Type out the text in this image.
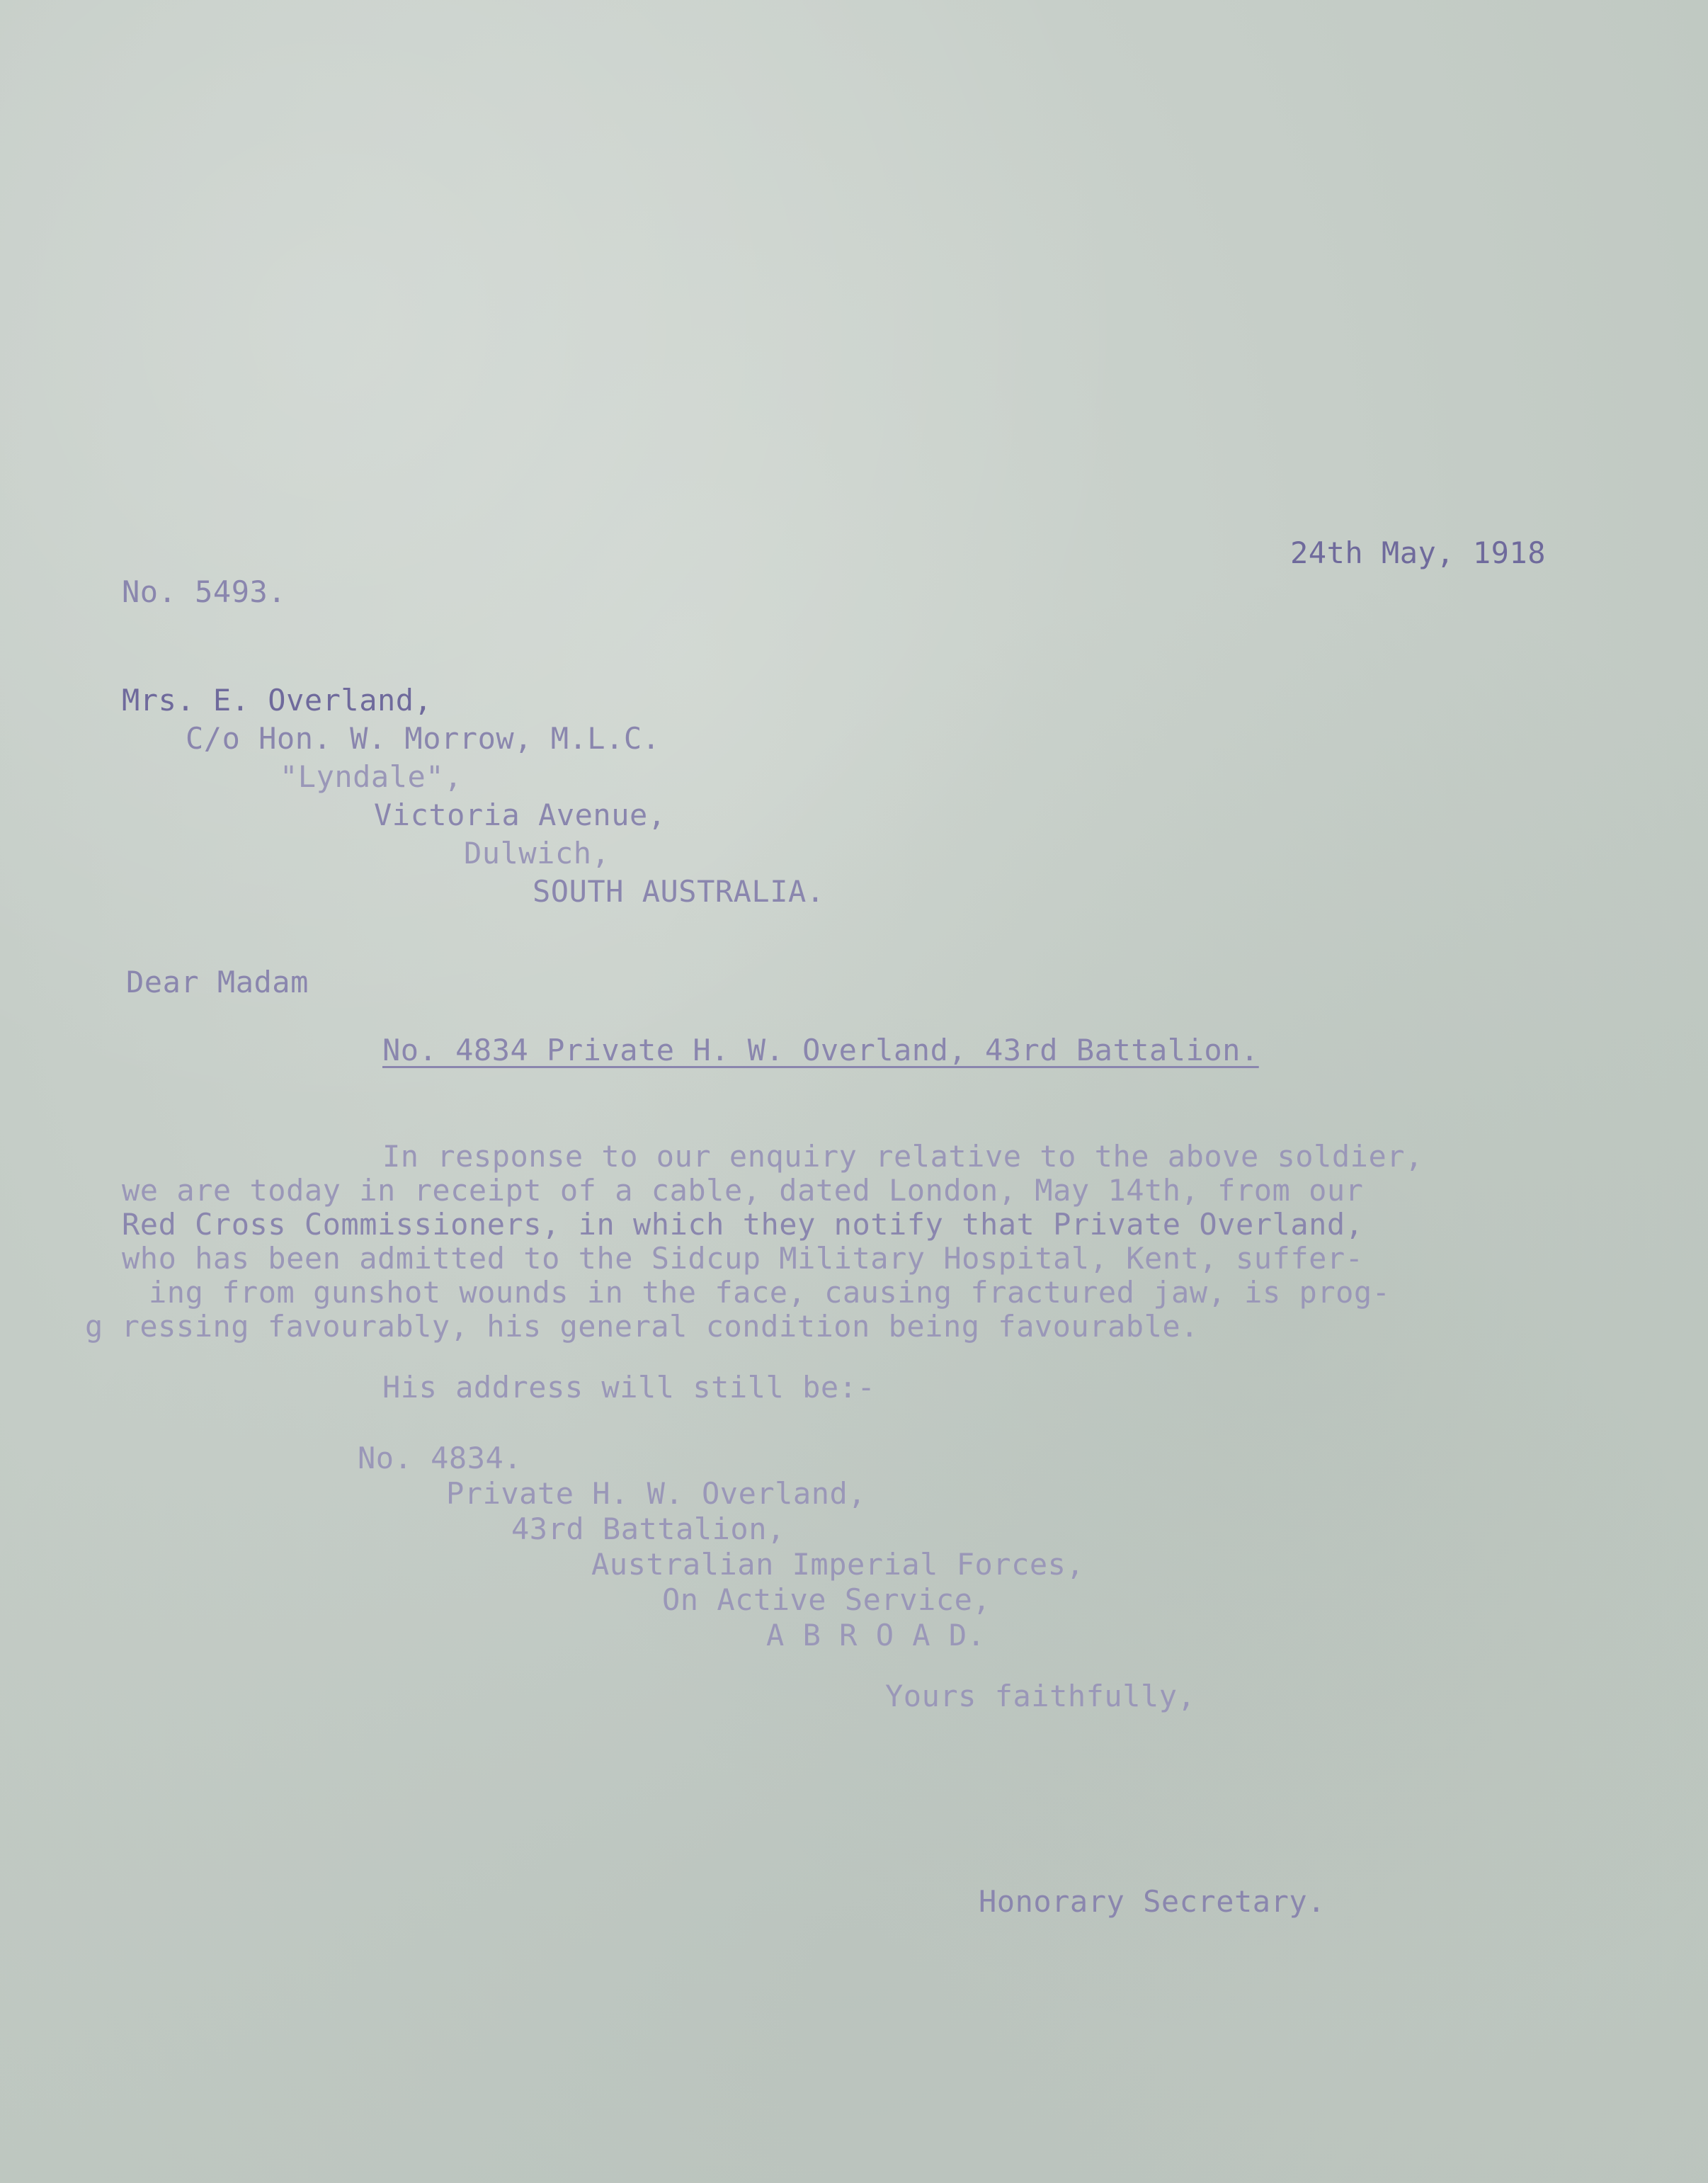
24th May, 1918
No. 5493.
Mrs. E. Overland,
C/o Hon. W. Morrow, M.L.C.
"Lyndale",
Victoria Avenue,
Dulwich,
SOUTH AUSTRALIA.
Dear Madam
No. 4834 Private H. W. Overland, 43rd Battalion.
In response to our enquiry relative to the above soldier,
we are today in receipt of a cable, dated London, May 14th, from our
Red Cross Commissioners, in which they notify that Private Overland,
who has been admitted to the Sidcup Military Hospital, Kent, suffer-
ing from gunshot wounds in the face, causing fractured jaw, is prog-
g ressing favourably, his general condition being favourable.
His address will still be:-
No. 4834.
Private H. W. Overland,
43rd Battalion,
Australian Imperial Forces,
On Active Service,
A B R O A D.
Yours faithfully,
Honorary Secretary.
